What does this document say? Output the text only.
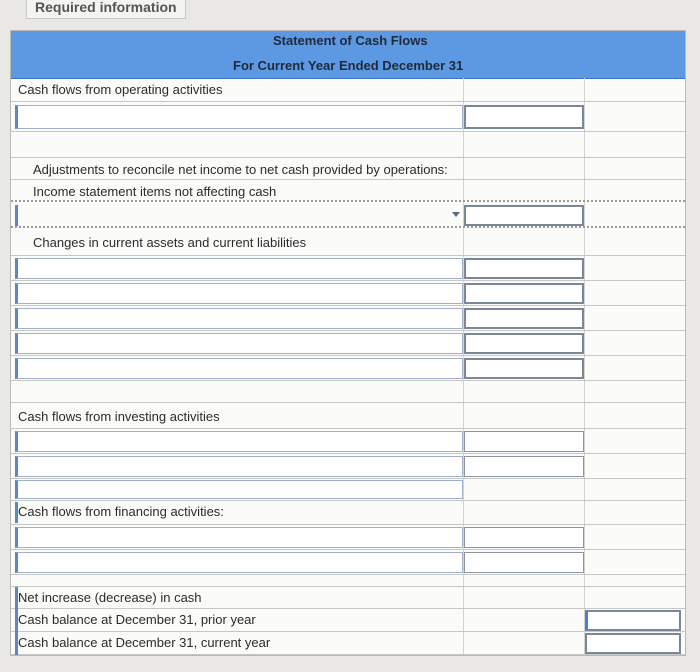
Required information
Statement of Cash Flows
For Current Year Ended December 31
Cash flows from operating activities
Adjustments to reconcile net income to net cash provided by operations:
Income statement items not affecting cash
Changes in current assets and current liabilities
Cash flows from investing activities
Cash flows from financing activities:
Net increase (decrease) in cash
Cash balance at December 31, prior year
Cash balance at December 31, current year
